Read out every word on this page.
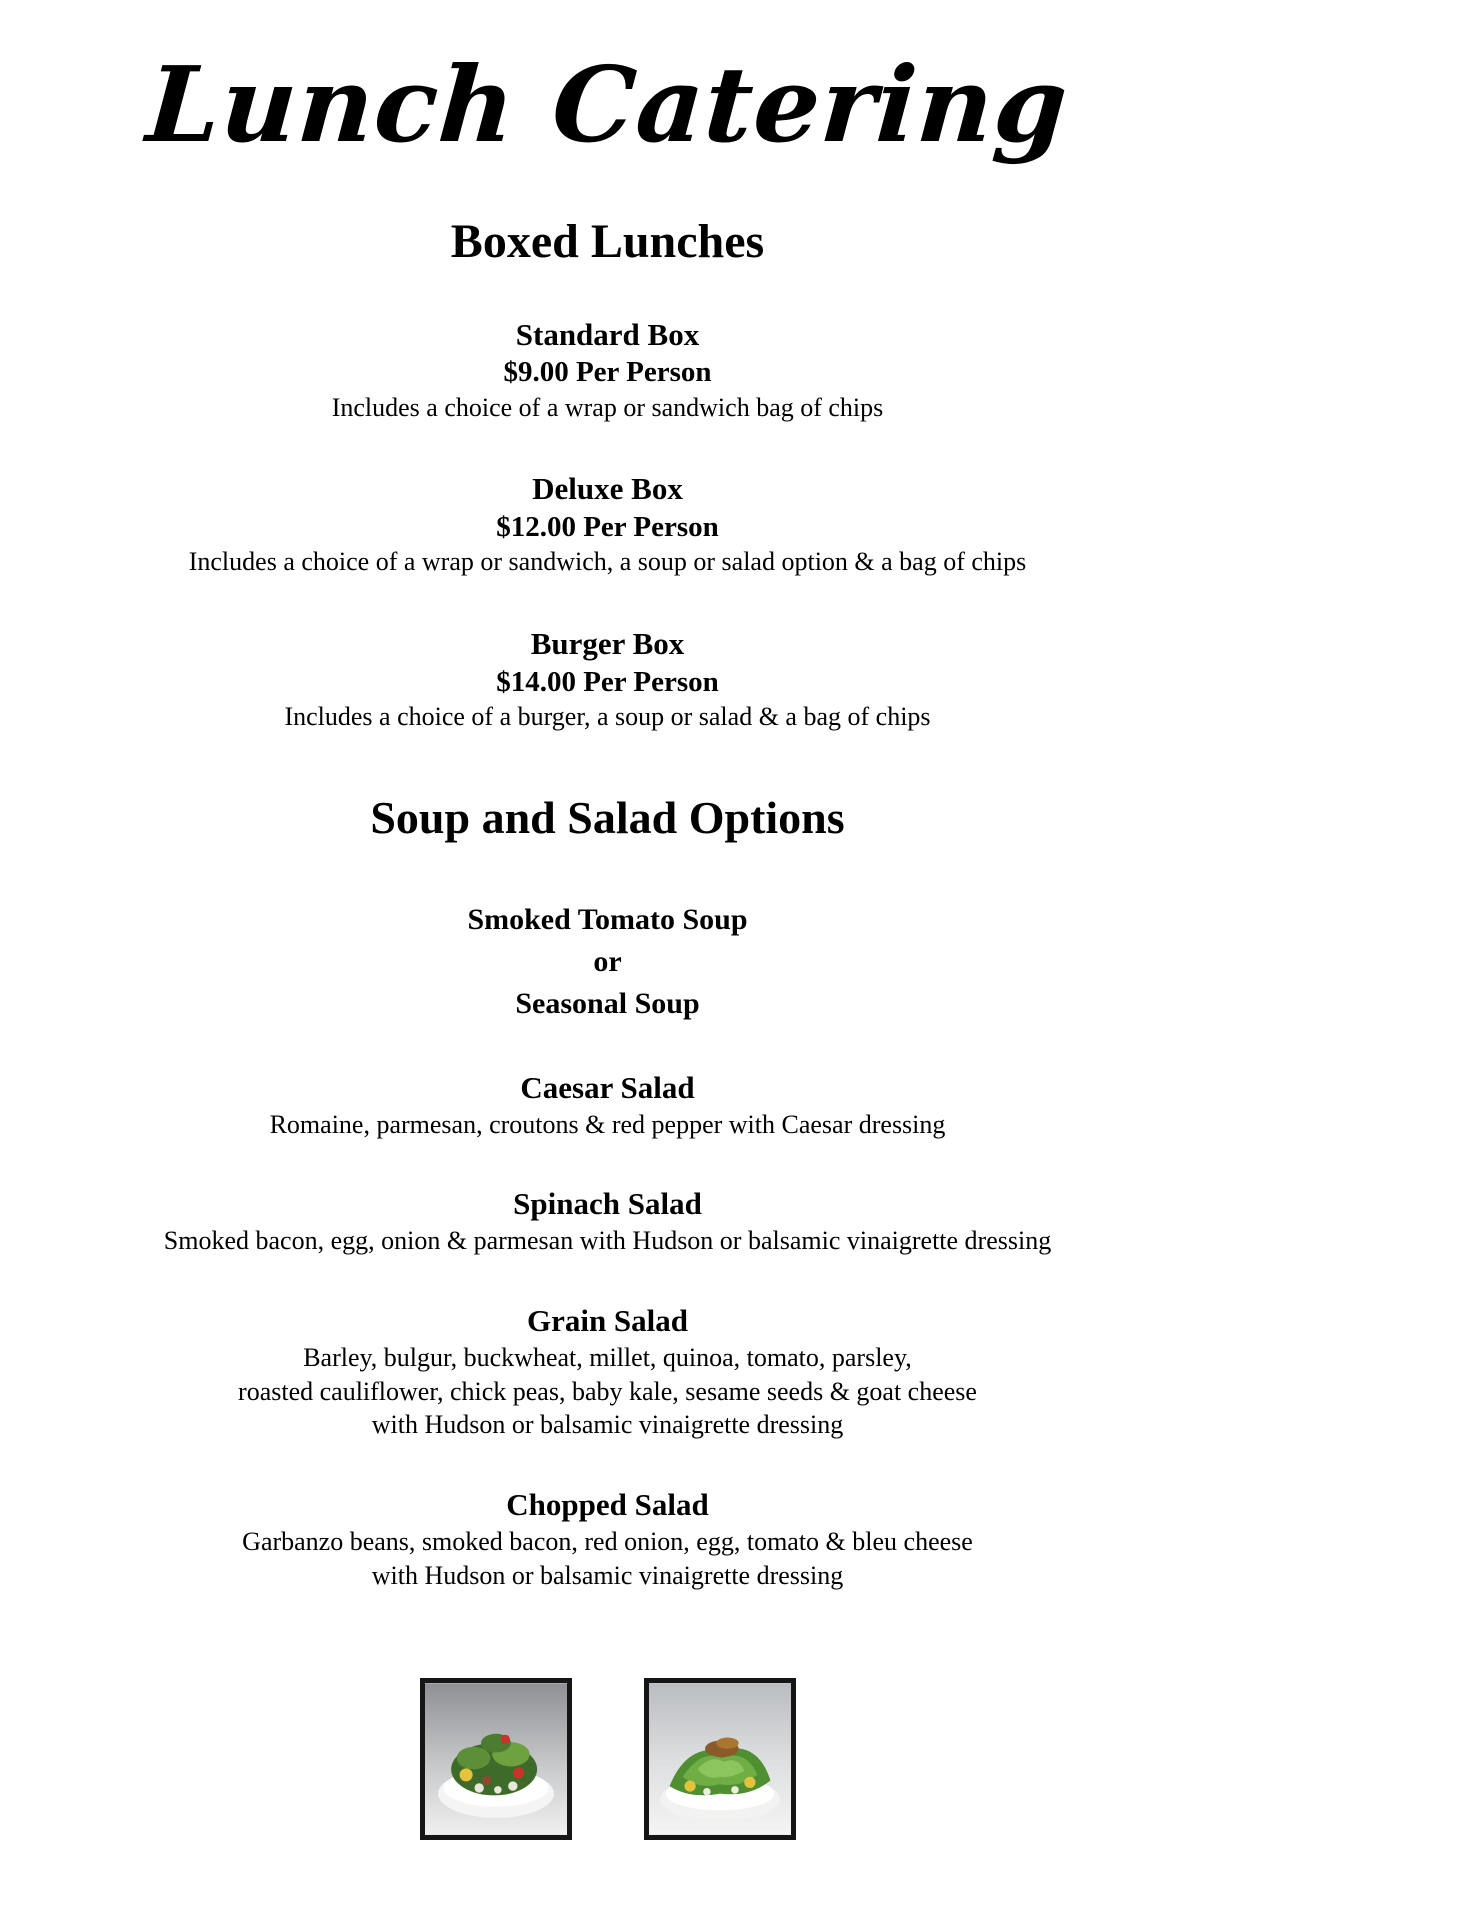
Lunch Catering
Boxed Lunches
Standard Box
$9.00 Per Person
Includes a choice of a wrap or sandwich bag of chips
Deluxe Box
$12.00 Per Person
Includes a choice of a wrap or sandwich, a soup or salad option & a bag of chips
Burger Box
$14.00 Per Person
Includes a choice of a burger, a soup or salad & a bag of chips
Soup and Salad Options
Smoked Tomato Soup
or
Seasonal Soup
Caesar Salad
Romaine, parmesan, croutons & red pepper with Caesar dressing
Spinach Salad
Smoked bacon, egg, onion & parmesan with Hudson or balsamic vinaigrette dressing
Grain Salad
Barley, bulgur, buckwheat, millet, quinoa, tomato, parsley,
roasted cauliflower, chick peas, baby kale, sesame seeds & goat cheese
with Hudson or balsamic vinaigrette dressing
Chopped Salad
Garbanzo beans, smoked bacon, red onion, egg, tomato & bleu cheese
with Hudson or balsamic vinaigrette dressing
